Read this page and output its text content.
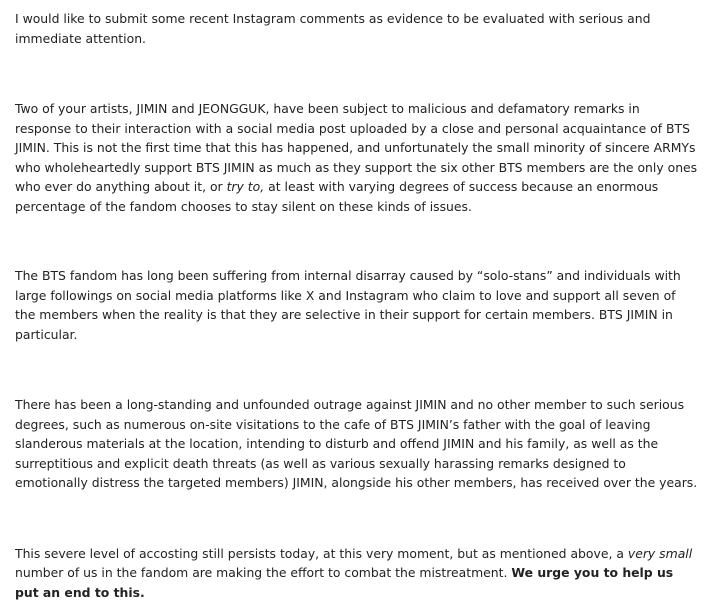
I would like to submit some recent Instagram comments as evidence to be evaluated with serious and immediate attention.

Two of your artists, JIMIN and JEONGGUK, have been subject to malicious and defamatory remarks in response to their interaction with a social media post uploaded by a close and personal acquaintance of BTS JIMIN. This is not the first time that this has happened, and unfortunately the small minority of sincere ARMYs who wholeheartedly support BTS JIMIN as much as they support the six other BTS members are the only ones who ever do anything about it, or try to, at least with varying degrees of success because an enormous percentage of the fandom chooses to stay silent on these kinds of issues.

The BTS fandom has long been suffering from internal disarray caused by “solo-stans” and individuals with large followings on social media platforms like X and Instagram who claim to love and support all seven of the members when the reality is that they are selective in their support for certain members. BTS JIMIN in particular.

There has been a long-standing and unfounded outrage against JIMIN and no other member to such serious degrees, such as numerous on-site visitations to the cafe of BTS JIMIN’s father with the goal of leaving slanderous materials at the location, intending to disturb and offend JIMIN and his family, as well as the surreptitious and explicit death threats (as well as various sexually harassing remarks designed to emotionally distress the targeted members) JIMIN, alongside his other members, has received over the years.

This severe level of accosting still persists today, at this very moment, but as mentioned above, a very small number of us in the fandom are making the effort to combat the mistreatment. We urge you to help us put an end to this.
